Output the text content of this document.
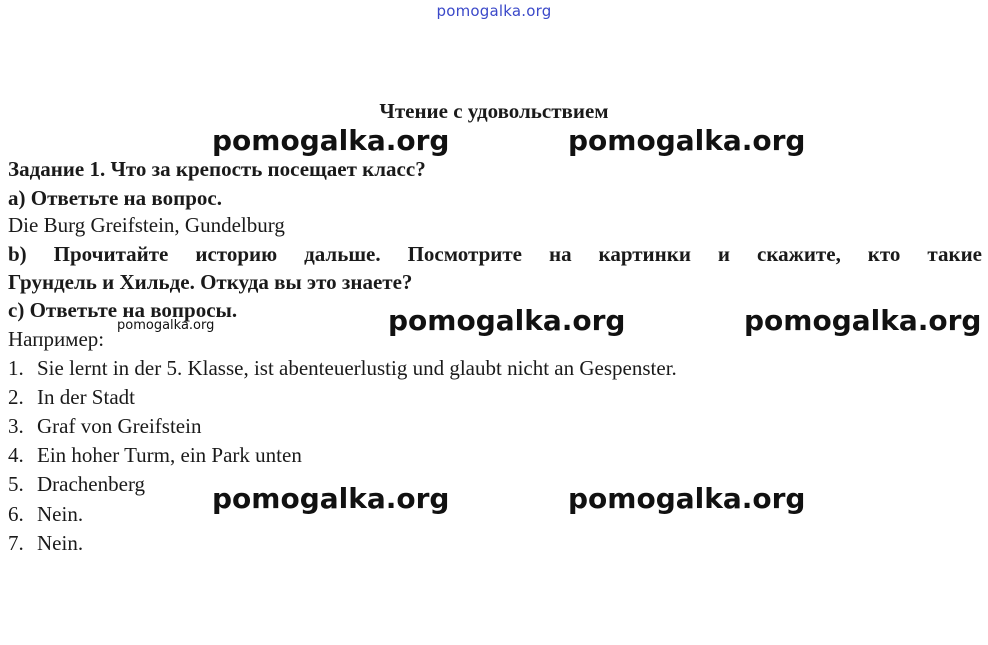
pomogalka.org
Чтение с удовольствием
pomogalka.org	pomogalka.org
Задание 1. Что за крепость посещает класс?
a) Ответьте на вопрос.
Die Burg Greifstein, Gundelburg
b) Прочитайте историю дальше. Посмотрите на картинки и скажите, кто такие
Грундель и Хильде. Откуда вы это знаете?
c) Ответьте на вопросы.
pomogalka.org	pomogalka.org	pomogalka.org
Например:
1. Sie lernt in der 5. Klasse, ist abenteuerlustig und glaubt nicht an Gespenster.
2. In der Stadt
3. Graf von Greifstein
4. Ein hoher Turm, ein Park unten
5. Drachenberg
6. Nein.
7. Nein.
pomogalka.org	pomogalka.org
